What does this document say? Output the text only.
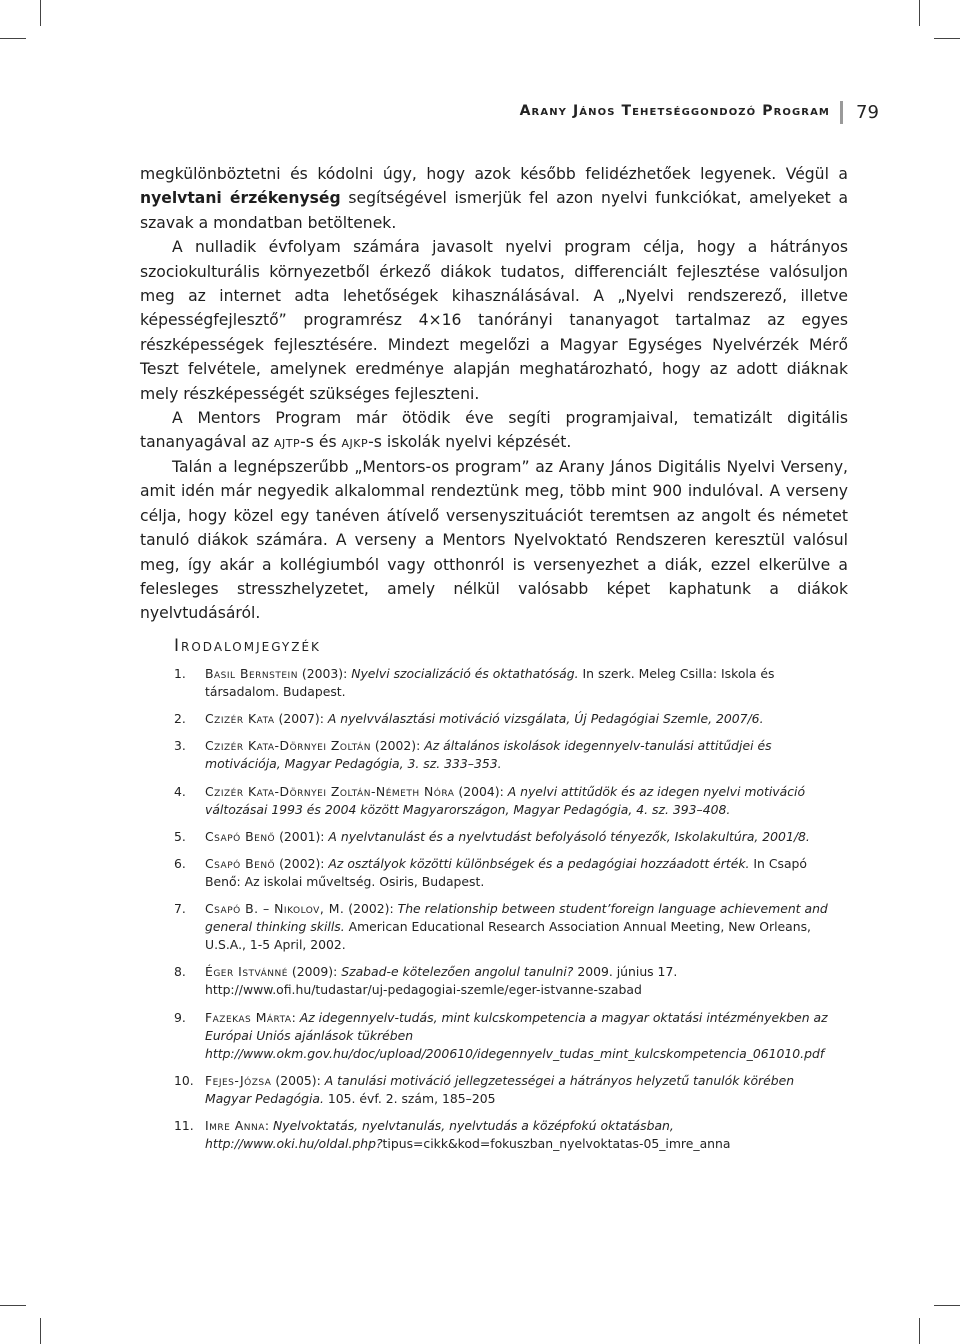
Arany János Tehetséggondozó Program 79

megkülönböztetni és kódolni úgy, hogy azok később felidézhetőek legyenek. Végül a nyelvtani érzékenység segítségével ismerjük fel azon nyelvi funkciókat, amelyeket a szavak a mondatban betöltenek.

A nulladik évfolyam számára javasolt nyelvi program célja, hogy a hátrányos szociokulturális környezetből érkező diákok tudatos, differenciált fejlesztése valósuljon meg az internet adta lehetőségek kihasználásával. A „Nyelvi rendszerező, illetve képességfejlesztő” programrész 4×16 tanórányi tananyagot tartalmaz az egyes részképességek fejlesztésére. Mindezt megelőzi a Magyar Egységes Nyelvérzék Mérő Teszt felvétele, amelynek eredménye alapján meghatározható, hogy az adott diáknak mely részképességét szükséges fejleszteni.

A Mentors Program már ötödik éve segíti programjaival, tematizált digitális tananyagával az ajtp-s és ajkp-s iskolák nyelvi képzését.

Talán a legnépszerűbb „Mentors-os program” az Arany János Digitális Nyelvi Verseny, amit idén már negyedik alkalommal rendeztünk meg, több mint 900 indulóval. A verseny célja, hogy közel egy tanéven átívelő versenyszituációt teremtsen az angolt és németet tanuló diákok számára. A verseny a Mentors Nyelvoktató Rendszeren keresztül valósul meg, így akár a kollégiumból vagy otthonról is versenyezhet a diák, ezzel elkerülve a felesleges stresszhelyzetet, amely nélkül valósabb képet kaphatunk a diákok nyelvtudásáról.

Irodalomjegyzék
1. Basil Bernstein (2003): Nyelvi szocializáció és oktathatóság. In szerk. Meleg Csilla: Iskola és társadalom. Budapest.
2. Czizér Kata (2007): A nyelvválasztási motiváció vizsgálata, Új Pedagógiai Szemle, 2007/6.
3. Czizér Kata-Dörnyei Zoltán (2002): Az általános iskolások idegennyelv-tanulási attitűdjei és motivációja, Magyar Pedagógia, 3. sz. 333–353.
4. Czizér Kata-Dörnyei Zoltán-Németh Nóra (2004): A nyelvi attitűdök és az idegen nyelvi motiváció változásai 1993 és 2004 között Magyarországon, Magyar Pedagógia, 4. sz. 393–408.
5. Csapó Benő (2001): A nyelvtanulást és a nyelvtudást befolyásoló tényezők, Iskolakultúra, 2001/8.
6. Csapó Benő (2002): Az osztályok közötti különbségek és a pedagógiai hozzáadott érték. In Csapó Benő: Az iskolai műveltség. Osiris, Budapest.
7. Csapó B. – Nikolov, M. (2002): The relationship between student’foreign language achievement and general thinking skills. American Educational Research Association Annual Meeting, New Orleans, U.S.A., 1-5 April, 2002.
8. Éger Istvánné (2009): Szabad-e kötelezően angolul tanulni? 2009. június 17. http://www.ofi.hu/tudastar/uj-pedagogiai-szemle/eger-istvanne-szabad
9. Fazekas Márta: Az idegennyelv-tudás, mint kulcskompetencia a magyar oktatási intézményekben az Európai Uniós ajánlások tükrében http://www.okm.gov.hu/doc/upload/200610/idegennyelv_tudas_mint_kulcskompetencia_061010.pdf
10. Fejes-Józsa (2005): A tanulási motiváció jellegzetességei a hátrányos helyzetű tanulók körében Magyar Pedagógia. 105. évf. 2. szám, 185–205
11. Imre Anna: Nyelvoktatás, nyelvtanulás, nyelvtudás a középfokú oktatásban, http://www.oki.hu/oldal.php?tipus=cikk&kod=fokuszban_nyelvoktatas-05_imre_anna
